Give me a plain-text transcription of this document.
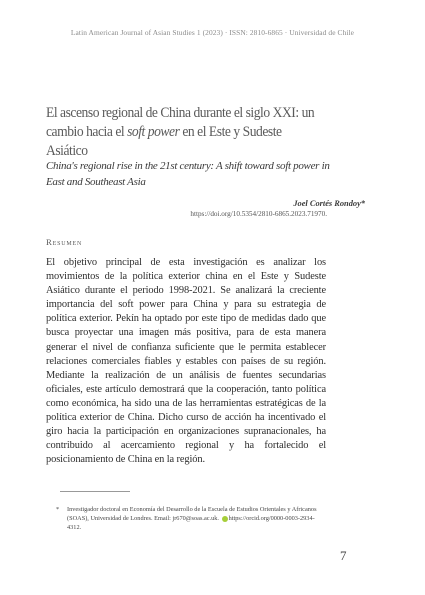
Latin American Journal of Asian Studies 1 (2023) · ISSN: 2810-6865 · Universidad de Chile
El ascenso regional de China durante el siglo XXI: un
cambio hacia el soft power en el Este y Sudeste Asiático
China's regional rise in the 21st century: A shift toward soft power in East and Southeast Asia
Joel Cortés Rondoy*
https://doi.org/10.5354/2810-6865.2023.71970.
Resumen
El objetivo principal de esta investigación es analizar los movimientos de la política exterior china en el Este y Sudeste Asiático durante el periodo 1998-2021. Se analizará la creciente importancia del soft power para China y para su estrategia de política exterior. Pekín ha optado por este tipo de medidas dado que busca proyectar una imagen más positiva, para de esta manera generar el nivel de confianza suficiente que le permita establecer relaciones comerciales fiables y estables con países de su región. Mediante la realización de un análisis de fuentes secundarias oficiales, este artículo demostrará que la cooperación, tanto política como económica, ha sido una de las herramientas estratégicas de la política exterior de China. Dicho curso de acción ha incentivado el giro hacia la participación en organizaciones supranacionales, ha contribuido al acercamiento regional y ha fortalecido el posicionamiento de China en la región.
* Investigador doctoral en Economía del Desarrollo de la Escuela de Estudios Orientales y Africanos (SOAS), Universidad de Londres. Email: jr670@soas.ac.uk. https://orcid.org/0000-0003-2934-4312.
7
